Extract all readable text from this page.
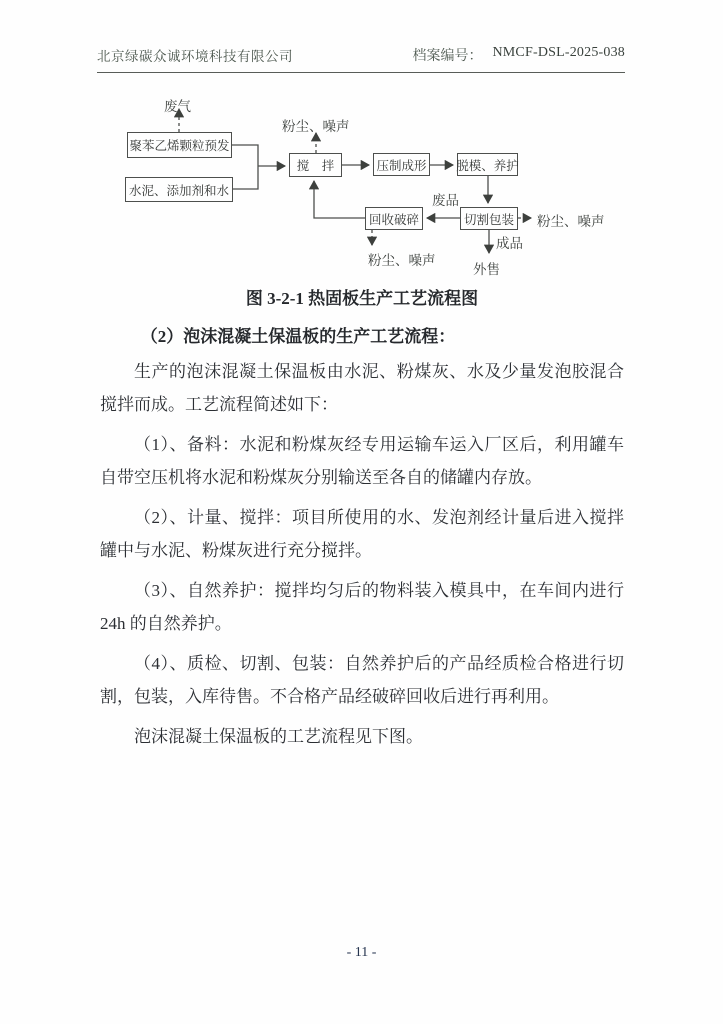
北京绿碳众诚环境科技有限公司	档案编号： NMCF-DSL-2025-038
聚苯乙烯颗粒预发
水泥、添加剂和水
搅　拌	压制成形 脱模、养护
切割包装
回收破碎
废气
粉尘、噪声
废品
粉尘、噪声
成品
外售
粉尘、噪声
图 3-2-1 热固板生产工艺流程图
（2）泡沫混凝土保温板的生产工艺流程：

生产的泡沫混凝土保温板由水泥、粉煤灰、水及少量发泡胶混合搅拌而成。工艺流程简述如下：

（1）、备料：水泥和粉煤灰经专用运输车运入厂区后，利用罐车自带空压机将水泥和粉煤灰分别输送至各自的储罐内存放。

（2）、计量、搅拌：项目所使用的水、发泡剂经计量后进入搅拌罐中与水泥、粉煤灰进行充分搅拌。

（3）、自然养护：搅拌均匀后的物料装入模具中，在车间内进行 24h 的自然养护。

（4）、质检、切割、包装：自然养护后的产品经质检合格进行切割，包装，入库待售。不合格产品经破碎回收后进行再利用。

泡沫混凝土保温板的工艺流程见下图。

- 11 -
